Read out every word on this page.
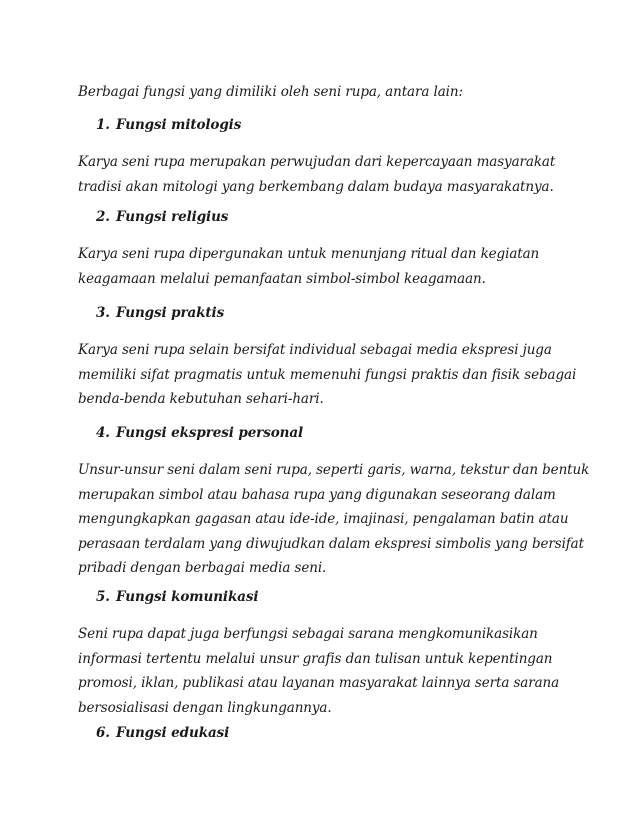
Berbagai fungsi yang dimiliki oleh seni rupa, antara lain:

1. Fungsi mitologis

Karya seni rupa merupakan perwujudan dari kepercayaan masyarakat
tradisi akan mitologi yang berkembang dalam budaya masyarakatnya.

2. Fungsi religius

Karya seni rupa dipergunakan untuk menunjang ritual dan kegiatan
keagamaan melalui pemanfaatan simbol-simbol keagamaan.

3. Fungsi praktis

Karya seni rupa selain bersifat individual sebagai media ekspresi juga
memiliki sifat pragmatis untuk memenuhi fungsi praktis dan fisik sebagai
benda-benda kebutuhan sehari-hari.

4. Fungsi ekspresi personal

Unsur-unsur seni dalam seni rupa, seperti garis, warna, tekstur dan bentuk
merupakan simbol atau bahasa rupa yang digunakan seseorang dalam
mengungkapkan gagasan atau ide-ide, imajinasi, pengalaman batin atau
perasaan terdalam yang diwujudkan dalam ekspresi simbolis yang bersifat
pribadi dengan berbagai media seni.

5. Fungsi komunikasi

Seni rupa dapat juga berfungsi sebagai sarana mengkomunikasikan
informasi tertentu melalui unsur grafis dan tulisan untuk kepentingan
promosi, iklan, publikasi atau layanan masyarakat lainnya serta sarana
bersosialisasi dengan lingkungannya.

6. Fungsi edukasi
